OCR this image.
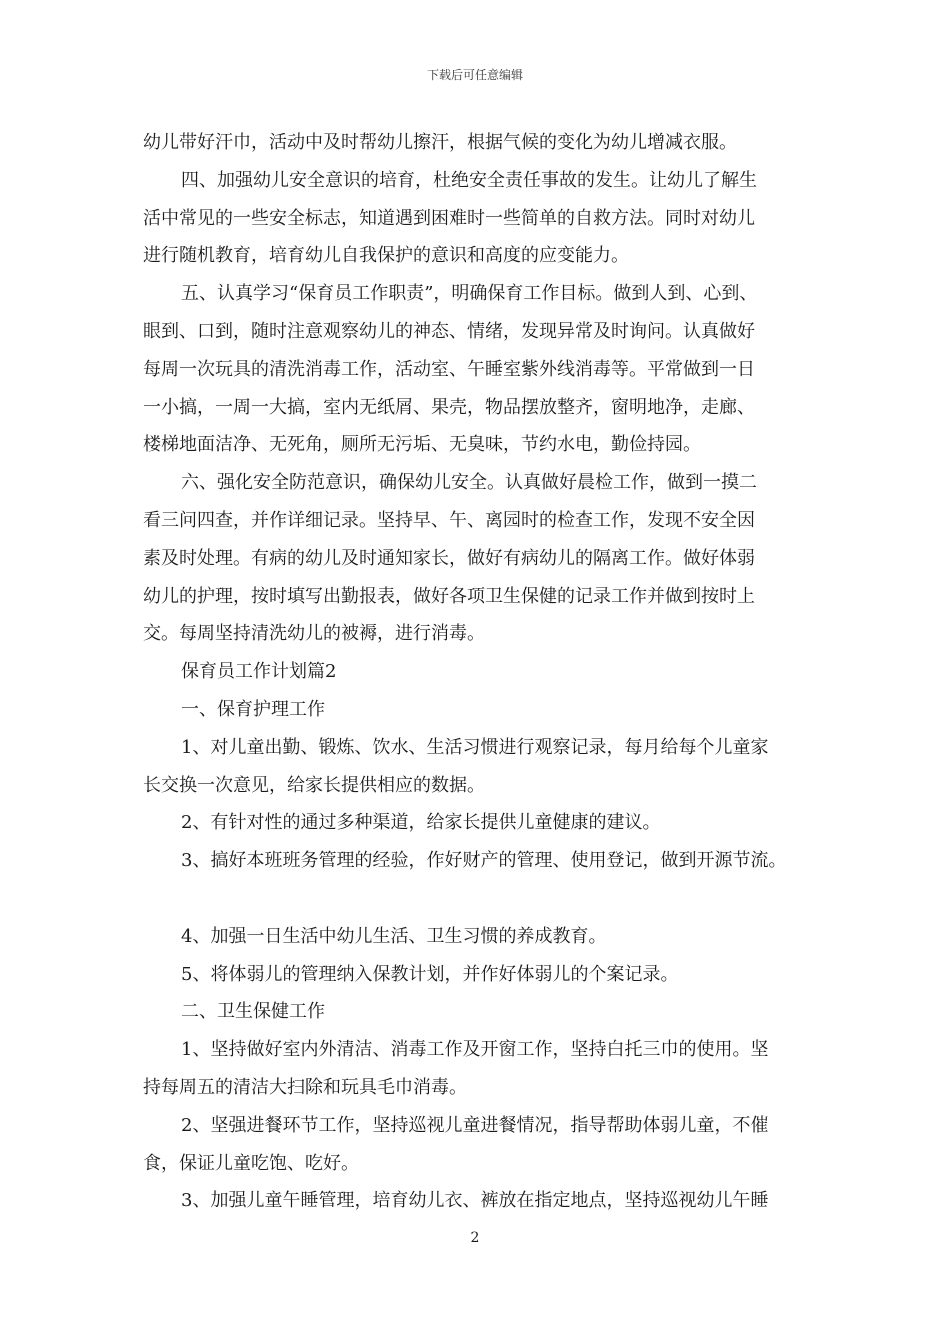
下载后可任意编辑
幼儿带好汗巾，活动中及时帮幼儿擦汗，根据气候的变化为幼儿增减衣服。
四、加强幼儿安全意识的培育，杜绝安全责任事故的发生。让幼儿了解生
活中常见的一些安全标志，知道遇到困难时一些简单的自救方法。同时对幼儿
进行随机教育，培育幼儿自我保护的意识和高度的应变能力。
五、认真学习“保育员工作职责”，明确保育工作目标。做到人到、心到、
眼到、口到，随时注意观察幼儿的神态、情绪，发现异常及时询问。认真做好
每周一次玩具的清洗消毒工作，活动室、午睡室紫外线消毒等。平常做到一日
一小搞，一周一大搞，室内无纸屑、果壳，物品摆放整齐，窗明地净，走廊、
楼梯地面洁净、无死角，厕所无污垢、无臭味，节约水电，勤俭持园。
六、强化安全防范意识，确保幼儿安全。认真做好晨检工作，做到一摸二
看三问四查，并作详细记录。坚持早、午、离园时的检查工作，发现不安全因
素及时处理。有病的幼儿及时通知家长，做好有病幼儿的隔离工作。做好体弱
幼儿的护理，按时填写出勤报表，做好各项卫生保健的记录工作并做到按时上
交。每周坚持清洗幼儿的被褥，进行消毒。
保育员工作计划篇2
一、保育护理工作
1、对儿童出勤、锻炼、饮水、生活习惯进行观察记录，每月给每个儿童家
长交换一次意见，给家长提供相应的数据。
2、有针对性的通过多种渠道，给家长提供儿童健康的建议。
3、搞好本班班务管理的经验，作好财产的管理、使用登记，做到开源节流。
4、加强一日生活中幼儿生活、卫生习惯的养成教育。
5、将体弱儿的管理纳入保教计划，并作好体弱儿的个案记录。
二、卫生保健工作
1、坚持做好室内外清洁、消毒工作及开窗工作，坚持白托三巾的使用。坚
持每周五的清洁大扫除和玩具毛巾消毒。
2、坚强进餐环节工作，坚持巡视儿童进餐情况，指导帮助体弱儿童，不催
食，保证儿童吃饱、吃好。
3、加强儿童午睡管理，培育幼儿衣、裤放在指定地点，坚持巡视幼儿午睡
2
